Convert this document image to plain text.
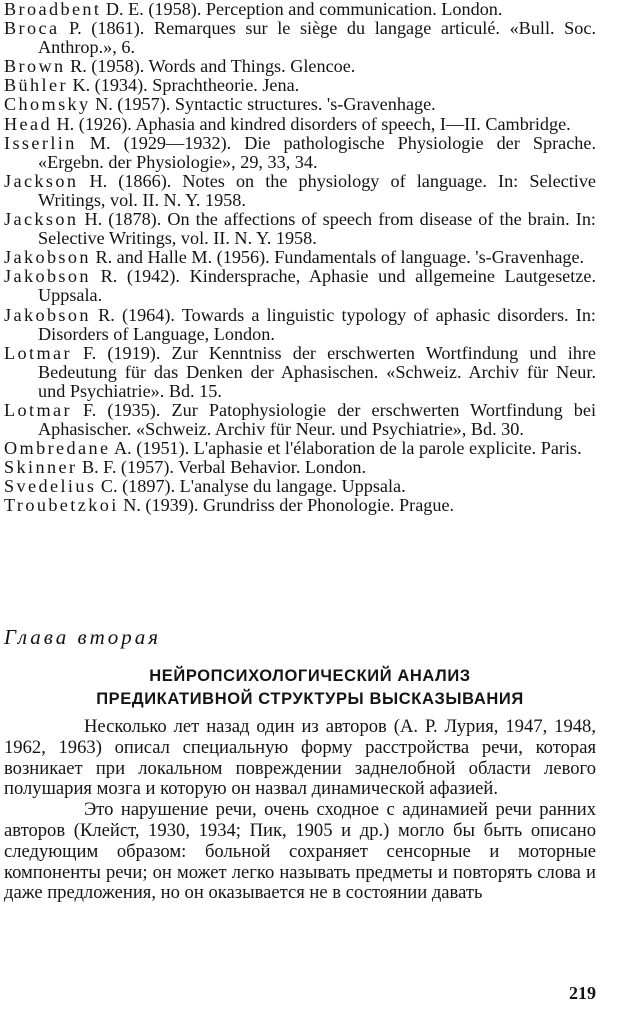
Broadbent D. E. (1958). Perception and communication. London.
Broca P. (1861). Remarques sur le siège du langage articulé. «Bull. Soc. Anthrop.», 6.
Brown R. (1958). Words and Things. Glencoe.
Bühler K. (1934). Sprachtheorie. Jena.
Chomsky N. (1957). Syntactic structures. 's-Gravenhage.
Head H. (1926). Aphasia and kindred disorders of speech, I—II. Cambridge.
Isserlin M. (1929—1932). Die pathologische Physiologie der Sprache. «Ergebn. der Physiologie», 29, 33, 34.
Jackson H. (1866). Notes on the physiology of language. In: Selective Writings, vol. II. N. Y. 1958.
Jackson H. (1878). On the affections of speech from disease of the brain. In: Selective Writings, vol. II. N. Y. 1958.
Jakobson R. and Halle M. (1956). Fundamentals of language. 's-Gravenhage.
Jakobson R. (1942). Kindersprache, Aphasie und allgemeine Lautgesetze. Uppsala.
Jakobson R. (1964). Towards a linguistic typology of aphasic disorders. In: Disorders of Language, London.
Lotmar F. (1919). Zur Kenntniss der erschwerten Wortfindung und ihre Bedeutung für das Denken der Aphasischen. «Schweiz. Archiv für Neur. und Psychiatrie». Bd. 15.
Lotmar F. (1935). Zur Patophysiologie der erschwerten Wortfindung bei Aphasischer. «Schweiz. Archiv für Neur. und Psychiatrie», Bd. 30.
Ombredane A. (1951). L'aphasie et l'élaboration de la parole explicite. Paris.
Skinner B. F. (1957). Verbal Behavior. London.
Svedelius C. (1897). L'analyse du langage. Uppsala.
Troubetzkoi N. (1939). Grundriss der Phonologie. Prague.
Глава вторая
НЕЙРОПСИХОЛОГИЧЕСКИЙ АНАЛИЗ
ПРЕДИКАТИВНОЙ СТРУКТУРЫ ВЫСКАЗЫВАНИЯ

Несколько лет назад один из авторов (А. Р. Лурия, 1947, 1948, 1962, 1963) описал специальную форму расстройства речи, которая возникает при локальном повреждении заднелобной области левого полушария мозга и которую он назвал динамической афазией.

Это нарушение речи, очень сходное с адинамией речи ранних авторов (Клейст, 1930, 1934; Пик, 1905 и др.) могло бы быть описано следующим образом: больной сохраняет сенсорные и моторные компоненты речи; он может легко называть предметы и повторять слова и даже предложения, но он оказывается не в состоянии давать

219
